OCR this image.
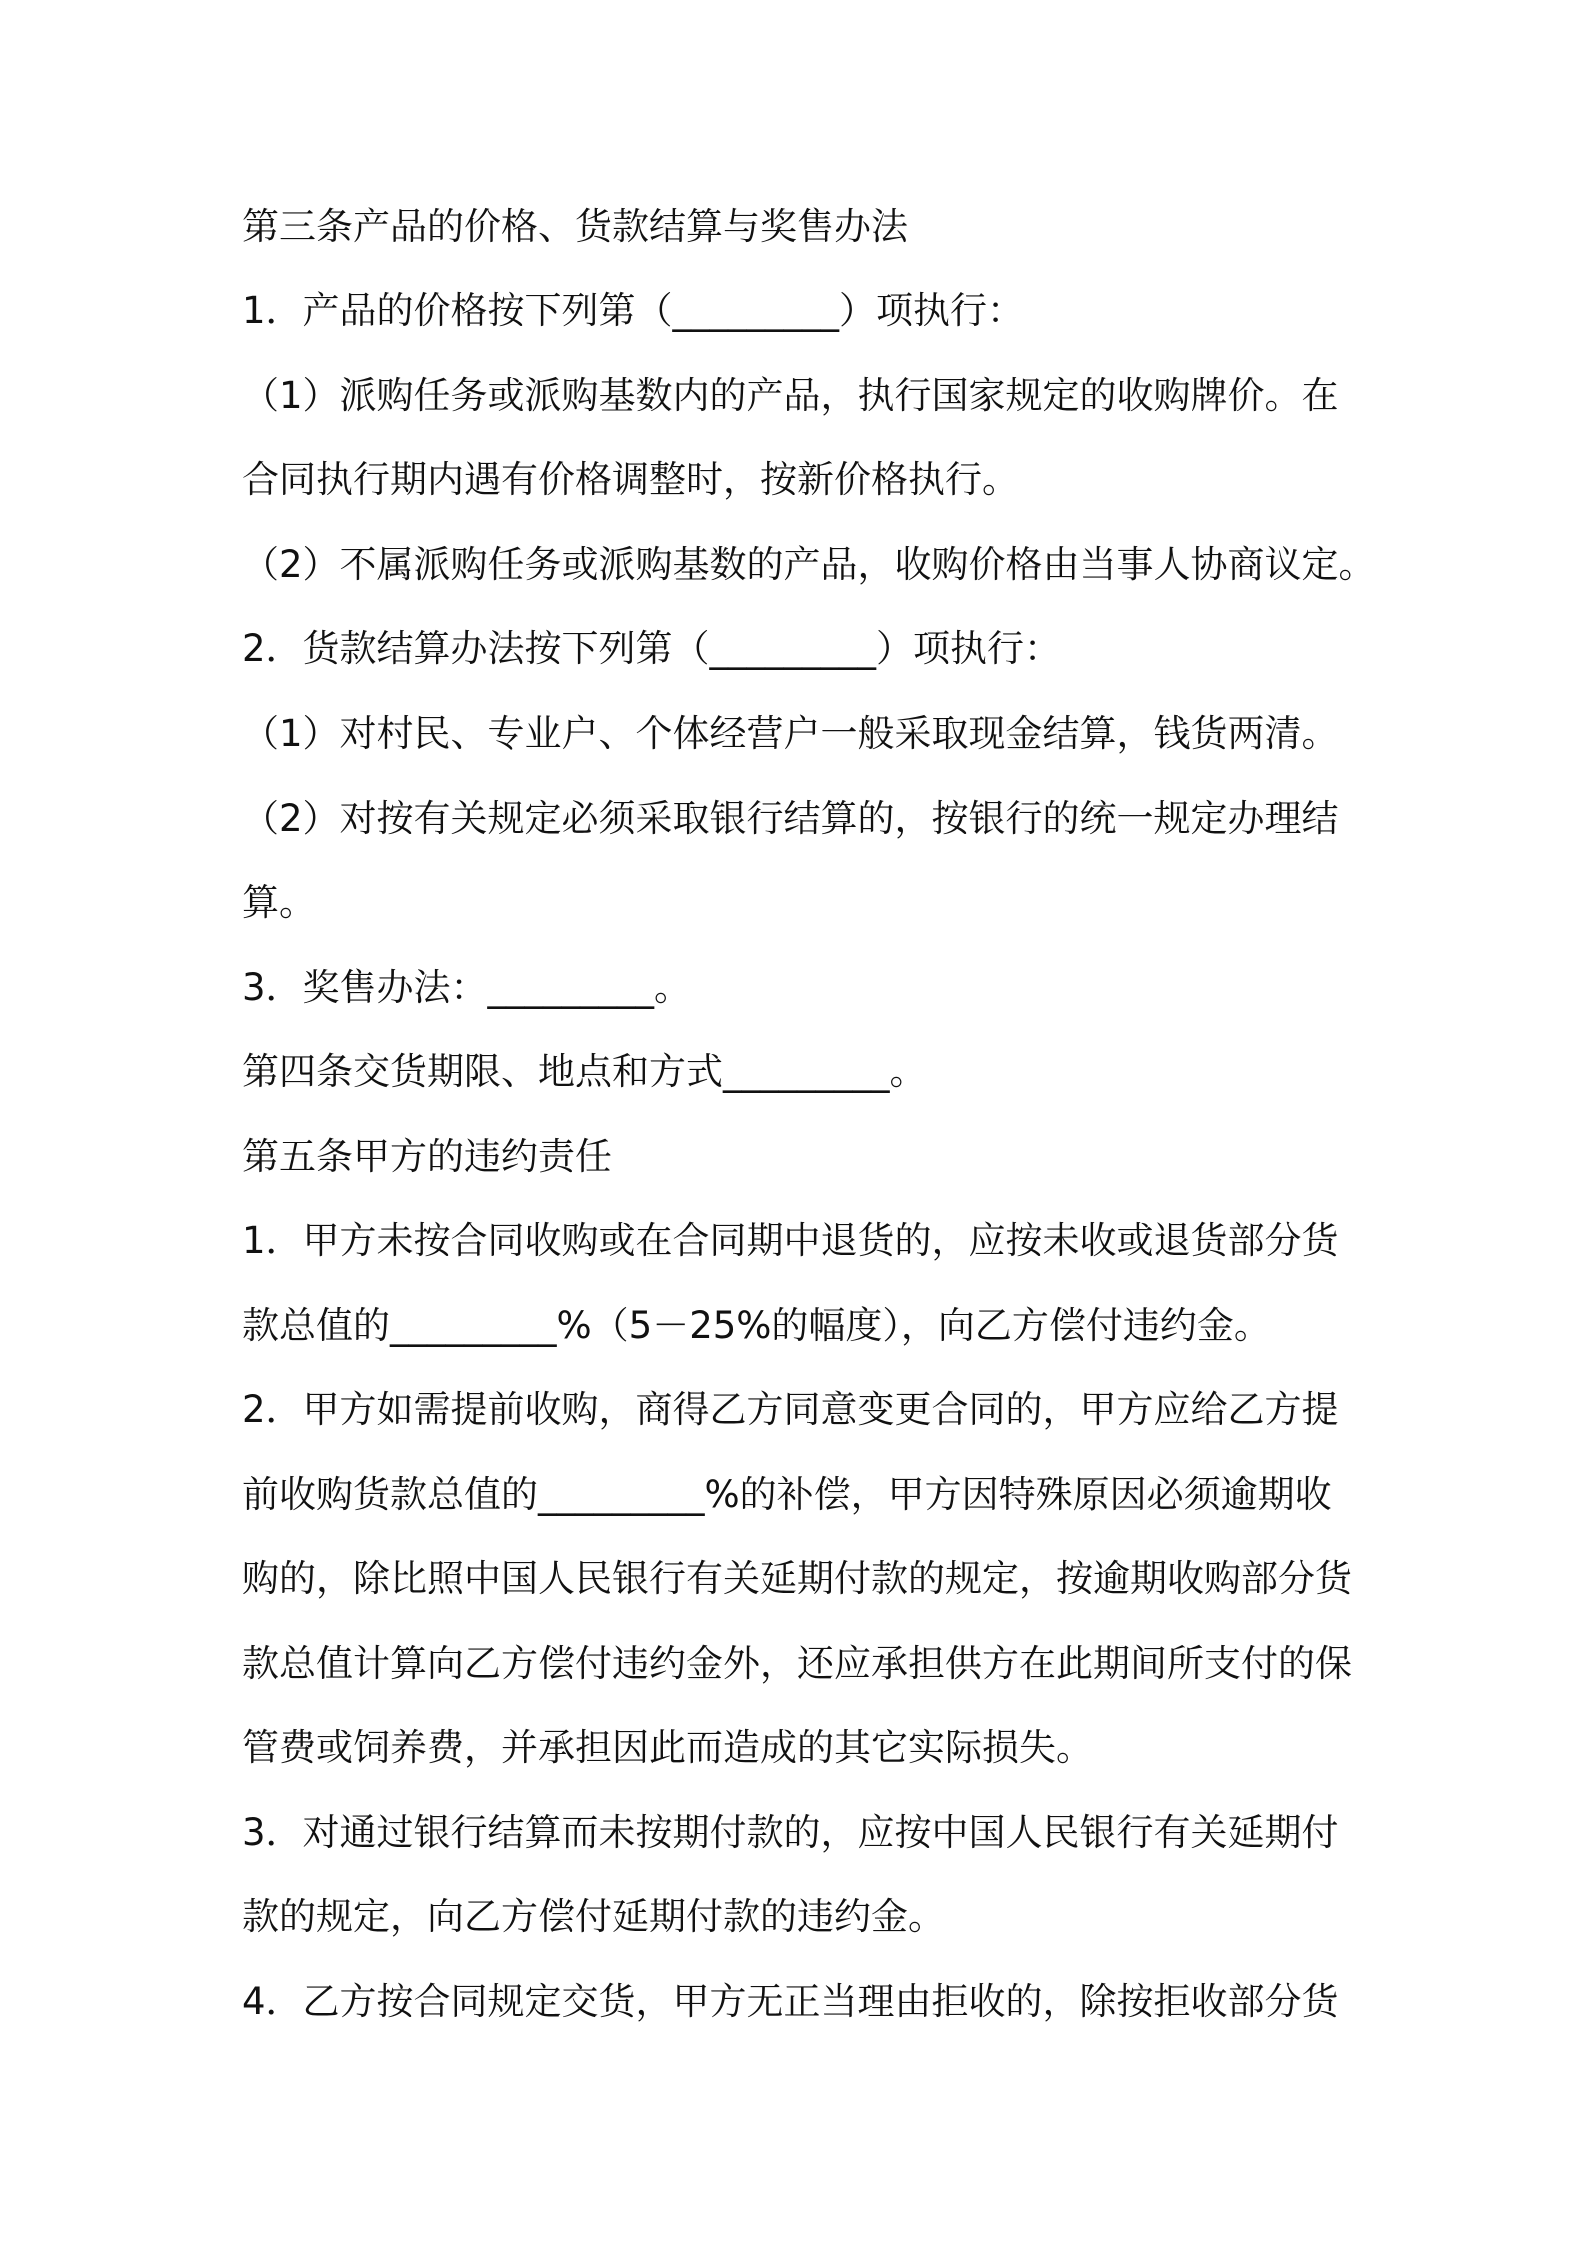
第三条产品的价格、货款结算与奖售办法

1．产品的价格按下列第（_________）项执行：

（1）派购任务或派购基数内的产品，执行国家规定的收购牌价。在

合同执行期内遇有价格调整时，按新价格执行。

（2）不属派购任务或派购基数的产品，收购价格由当事人协商议定。

2．货款结算办法按下列第（_________）项执行：

（1）对村民、专业户、个体经营户一般采取现金结算，钱货两清。

（2）对按有关规定必须采取银行结算的，按银行的统一规定办理结

算。

3．奖售办法：_________。

第四条交货期限、地点和方式_________。

第五条甲方的违约责任

1．甲方未按合同收购或在合同期中退货的，应按未收或退货部分货

款总值的_________%（5－25%的幅度），向乙方偿付违约金。

2．甲方如需提前收购，商得乙方同意变更合同的，甲方应给乙方提

前收购货款总值的_________%的补偿，甲方因特殊原因必须逾期收

购的，除比照中国人民银行有关延期付款的规定，按逾期收购部分货

款总值计算向乙方偿付违约金外，还应承担供方在此期间所支付的保

管费或饲养费，并承担因此而造成的其它实际损失。

3．对通过银行结算而未按期付款的，应按中国人民银行有关延期付

款的规定，向乙方偿付延期付款的违约金。

4．乙方按合同规定交货，甲方无正当理由拒收的，除按拒收部分货
